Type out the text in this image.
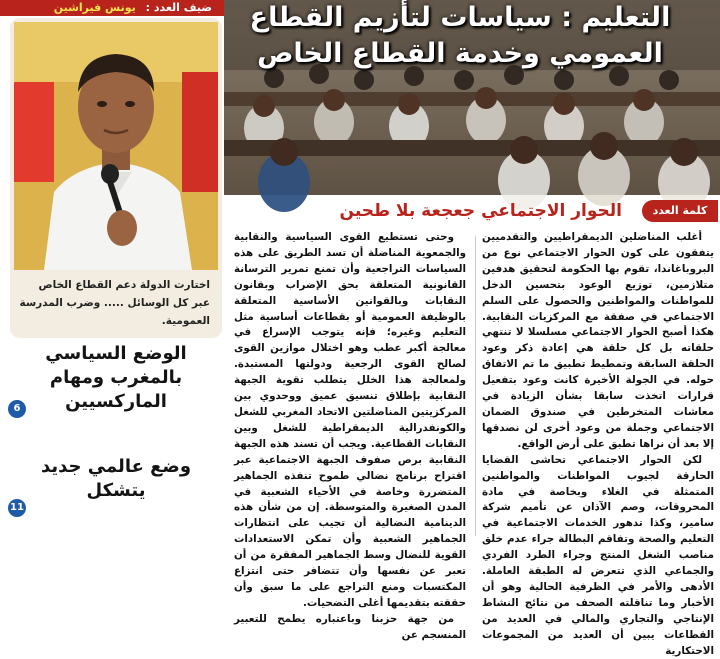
ضيف العدد : يونس فيراشين

اختارت الدولة دعم القطاع الخاص عبر كل الوسائل ..... وضرب المدرسة العمومية.

الوضع السياسي بالمغرب ومهام الماركسيين
6
وضع عالمي جديد يتشكل
11
التعليم : سياسات لتأزيم القطاع العمومي وخدمة القطاع الخاص
كلمة العدد
الحوار الاجتماعي جعجعة بلا طحين

أغلب المناضلين الديمقراطيين والتقدميين يتفقون على كون الحوار الاجتماعي نوع من البروباغاندا، تقوم بها الحكومة لتحقيق هدفين متلازمين، توزيع الوعود بتحسين الدخل للمواطنات والمواطنين والحصول على السلم الاجتماعي في صفقة مع المركزيات النقابية. هكذا أصبح الحوار الاجتماعي مسلسلا لا تنتهي حلقاته بل كل حلقة هي إعادة ذكر وعود الحلقة السابقة وتمطيط تطبيق ما تم الاتفاق حوله. في الجولة الأخيرة كانت وعود بتفعيل قرارات اتخذت سابقا بشأن الزيادة في معاشات المتخرطين في صندوق الضمان الاجتماعي وجملة من وعود أخرى لن نصدقها إلا بعد أن نراها تطبق على أرض الواقع.

لكن الحوار الاجتماعي تحاشى القضايا الحارقة لجيوب المواطنات والمواطنين المتمثلة في الغلاء وبخاصة في مادة المحروقات، وصم الآذان عن تأميم شركة سامير، وكذا تدهور الخدمات الاجتماعية في التعليم والصحة وتفاقم البطالة جراء عدم خلق مناصب الشغل المنتج وجراء الطرد الفردي والجماعي الذي تتعرض له الطبقة العاملة. الأدهى والأمر في الظرفية الحالية وهو أن الأخبار وما تناقلته الصحف من نتائج النشاط الإنتاجي والتجاري والمالي في العديد من القطاعات يبين أن العديد من المجموعات الاحتكارية

وحتى تستطيع القوى السياسية والنقابية والجمعوية المناضلة أن تسد الطريق على هذه السياسات التراجعية وأن تمنع تمرير الترسانة القانونية المتعلقة بحق الإضراب وبقانون النقابات وبالقوانين الأساسية المتعلقة بالوظيفة العمومية أو بقطاعات أساسية مثل التعليم وغيره؛ فإنه يتوجب الإسراع في معالجة أكبر عطب وهو اختلال موازين القوى لصالح القوى الرجعية ودولتها المستبدة. ولمعالجة هذا الخلل يتطلب تقوية الجبهة النقابية بإطلاق تنسيق عميق ووحدوي بين المركزيتين المناضلتين الاتحاد المغربي للشغل والكونفدرالية الديمقراطية للشغل وبين النقابات القطاعية. ويجب أن تسند هذه الجبهة النقابية برص صفوف الجبهة الاجتماعية عبر اقتراح برنامج نضالي طموح تنفذه الجماهير المتضررة وخاصة في الأحياء الشعبية في المدن الصغيرة والمتوسطة. إن من شأن هذه الدينامية النضالية أن تجيب على انتظارات الجماهير الشعبية وأن تمكن الاستعدادات القوية للنضال وسط الجماهير المفقرة من أن تعبر عن نفسها وأن تتضافر حتى انتزاع المكتسبات ومنع التراجع على ما سبق وأن حققته بتقديمها أغلى التضحيات.

من جهة حزبنا وباعتباره يطمح للتعبير المنسجم عن
